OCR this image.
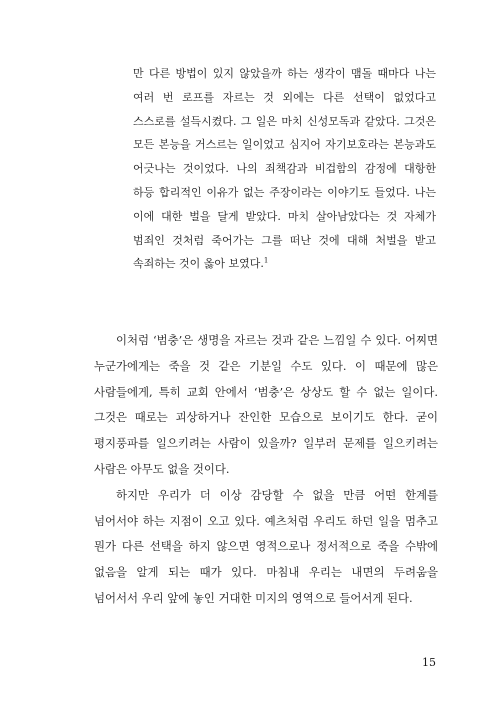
만 다른 방법이 있지 않았을까 하는 생각이 맴돌 때마다 나는 여러 번 로프를 자르는 것 외에는 다른 선택이 없었다고 스스로를 설득시켰다. 그 일은 마치 신성모독과 같았다. 그것은 모든 본능을 거스르는 일이었고 심지어 자기보호라는 본능과도 어긋나는 것이었다. 나의 죄책감과 비겁함의 감정에 대항한 하등 합리적인 이유가 없는 주장이라는 이야기도 들었다. 나는 이에 대한 벌을 달게 받았다. 마치 살아남았다는 것 자체가 범죄인 것처럼 죽어가는 그를 떠난 것에 대해 처벌을 받고 속죄하는 것이 옳아 보였다.$^1$

이처럼 ‘범충’은 생명을 자르는 것과 같은 느낌일 수 있다. 어찌면 누군가에게는 죽을 것 같은 기분일 수도 있다. 이 때문에 많은 사람들에게, 특히 교회 안에서 ‘범충’은 상상도 할 수 없는 일이다. 그것은 때로는 괴상하거나 잔인한 모습으로 보이기도 한다. 굳이 평지풍파를 일으키려는 사람이 있을까? 일부러 문제를 일으키려는 사람은 아무도 없을 것이다.

하지만 우리가 더 이상 감당할 수 없을 만큼 어떤 한계를 넘어서야 하는 지점이 오고 있다. 예츠처럼 우리도 하던 일을 멈추고 뭔가 다른 선택을 하지 않으면 영적으로나 정서적으로 죽을 수밖에 없음을 알게 되는 때가 있다. 마침내 우리는 내면의 두려움을 넘어서서 우리 앞에 놓인 거대한 미지의 영역으로 들어서게 된다.

15
